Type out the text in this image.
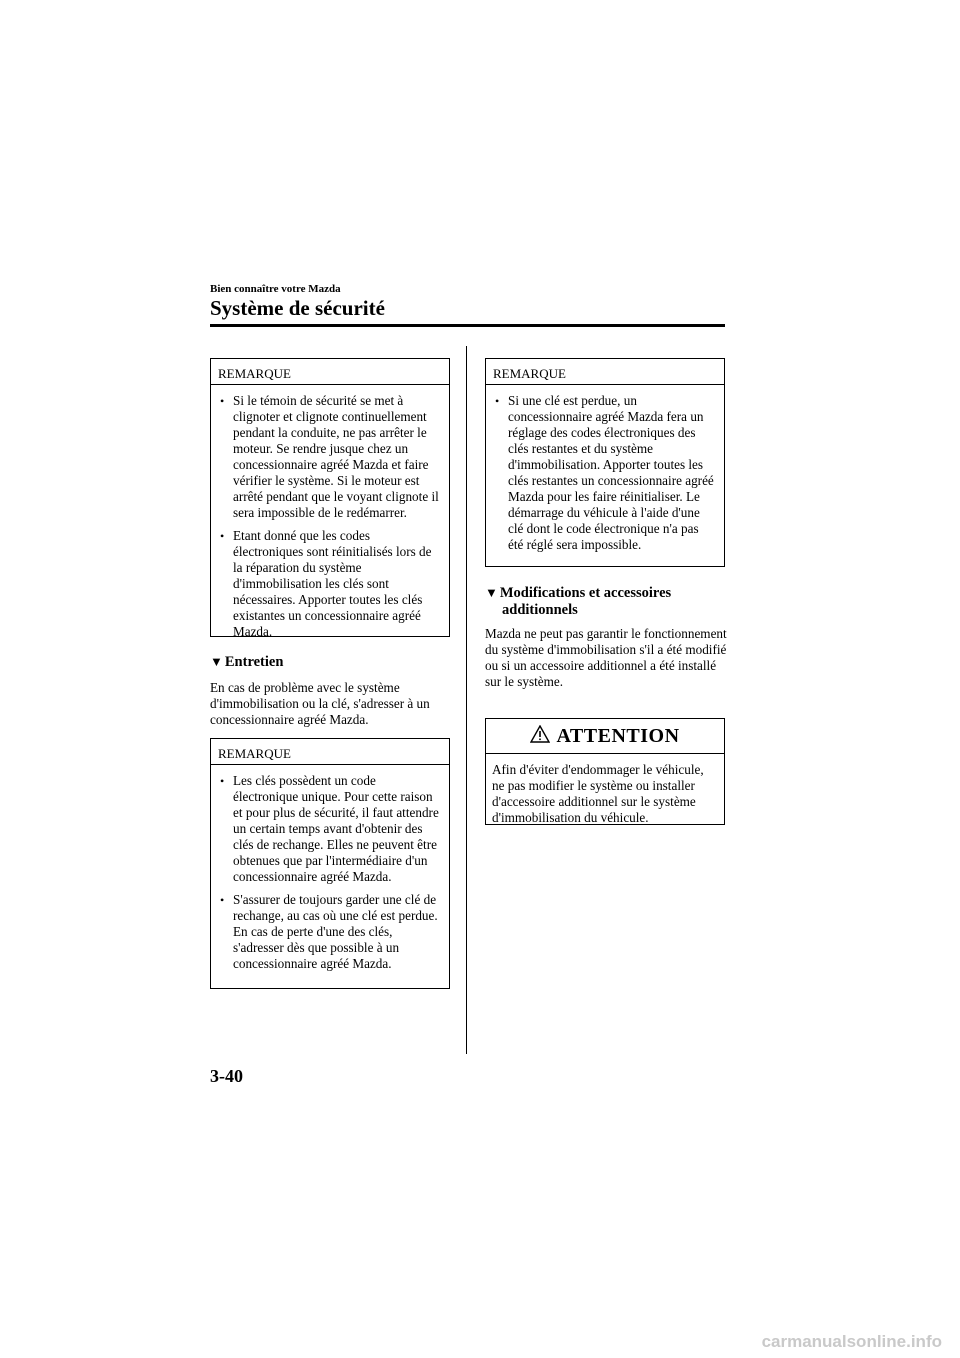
Bien connaître votre Mazda
Système de sécurité
REMARQUE
• Si le témoin de sécurité se met à clignoter et clignote continuellement pendant la conduite, ne pas arrêter le moteur. Se rendre jusque chez un concessionnaire agréé Mazda et faire vérifier le système. Si le moteur est arrêté pendant que le voyant clignote il sera impossible de le redémarrer.
• Etant donné que les codes électroniques sont réinitialisés lors de la réparation du système d'immobilisation les clés sont nécessaires. Apporter toutes les clés existantes un concessionnaire agréé Mazda.
▼ Entretien
En cas de problème avec le système d'immobilisation ou la clé, s'adresser à un concessionnaire agréé Mazda.
REMARQUE
• Les clés possèdent un code électronique unique. Pour cette raison et pour plus de sécurité, il faut attendre un certain temps avant d'obtenir des clés de rechange. Elles ne peuvent être obtenues que par l'intermédiaire d'un concessionnaire agréé Mazda.
• S'assurer de toujours garder une clé de rechange, au cas où une clé est perdue. En cas de perte d'une des clés, s'adresser dès que possible à un concessionnaire agréé Mazda.
REMARQUE
• Si une clé est perdue, un concessionnaire agréé Mazda fera un réglage des codes électroniques des clés restantes et du système d'immobilisation. Apporter toutes les clés restantes un concessionnaire agréé Mazda pour les faire réinitialiser. Le démarrage du véhicule à l'aide d'une clé dont le code électronique n'a pas été réglé sera impossible.
▼ Modifications et accessoires
additionnels
Mazda ne peut pas garantir le fonctionnement du système d'immobilisation s'il a été modifié ou si un accessoire additionnel a été installé sur le système.
ATTENTION
Afin d'éviter d'endommager le véhicule, ne pas modifier le système ou installer d'accessoire additionnel sur le système d'immobilisation du véhicule.
3-40
carmanualsonline.info
